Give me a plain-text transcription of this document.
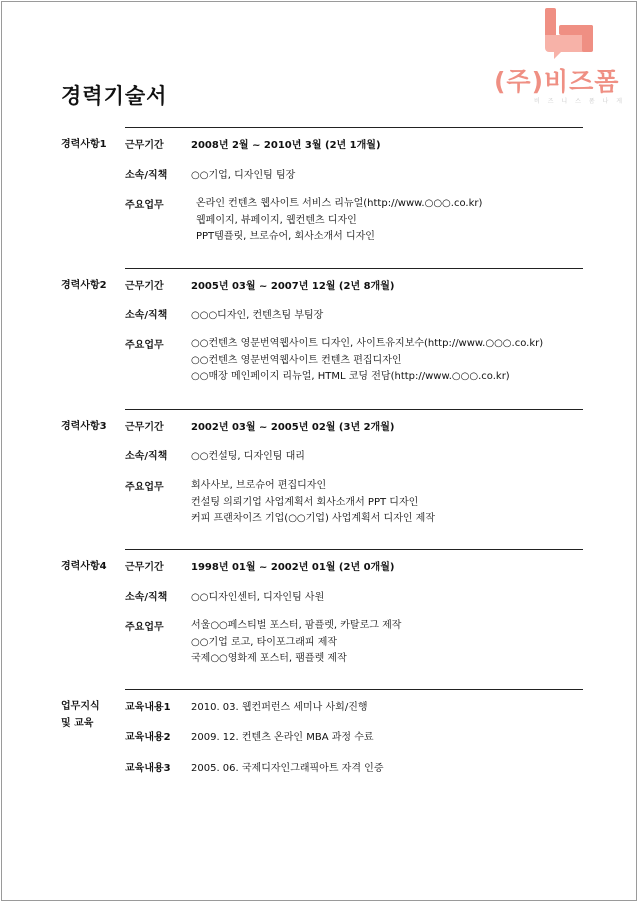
(주)비즈폼
비 즈 니 스 폼 나 게
경력기술서
경력사항1 근무기간	2008년 2월 ~ 2010년 3월 (2년 1개월)
소속/직책 ○○기업, 디자인팀 팀장
주요업무	온라인 컨텐츠 웹사이트 서비스 리뉴얼(http://www.○○○.co.kr)
웹페이지, 뷰페이지, 웹컨텐츠 디자인
PPT템플릿, 브로슈어, 회사소개서 디자인
경력사항2 근무기간	2005년 03월 ~ 2007년 12월 (2년 8개월)
소속/직책 ○○○디자인, 컨텐츠팀 부팀장
주요업무	○○컨텐츠 영문번역웹사이트 디자인, 사이트유지보수(http://www.○○○.co.kr)
○○컨텐츠 영문번역웹사이트 컨텐츠 편집디자인
○○매장 메인페이지 리뉴얼, HTML 코딩 전담(http://www.○○○.co.kr)
경력사항3 근무기간	2002년 03월 ~ 2005년 02월 (3년 2개월)
소속/직책 ○○컨설팅, 디자인팀 대리
주요업무	회사사보, 브로슈어 편집디자인
컨설팅 의뢰기업 사업계획서 회사소개서 PPT 디자인
커피 프랜차이즈 기업(○○기업) 사업계획서 디자인 제작
경력사항4 근무기간	1998년 01월 ~ 2002년 01월 (2년 0개월)
소속/직책 ○○디자인센터, 디자인팀 사원
주요업무	서울○○페스티벌 포스터, 팜플렛, 카탈로그 제작
○○기업 로고, 타이포그래피 제작
국제○○영화제 포스터, 팸플렛 제작
업무지식
및 교육
교육내용1 2010. 03. 웹컨퍼런스 세미나 사회/진행
교육내용2 2009. 12. 컨텐츠 온라인 MBA 과정 수료
교육내용3 2005. 06. 국제디자인그래픽아트 자격 인증
